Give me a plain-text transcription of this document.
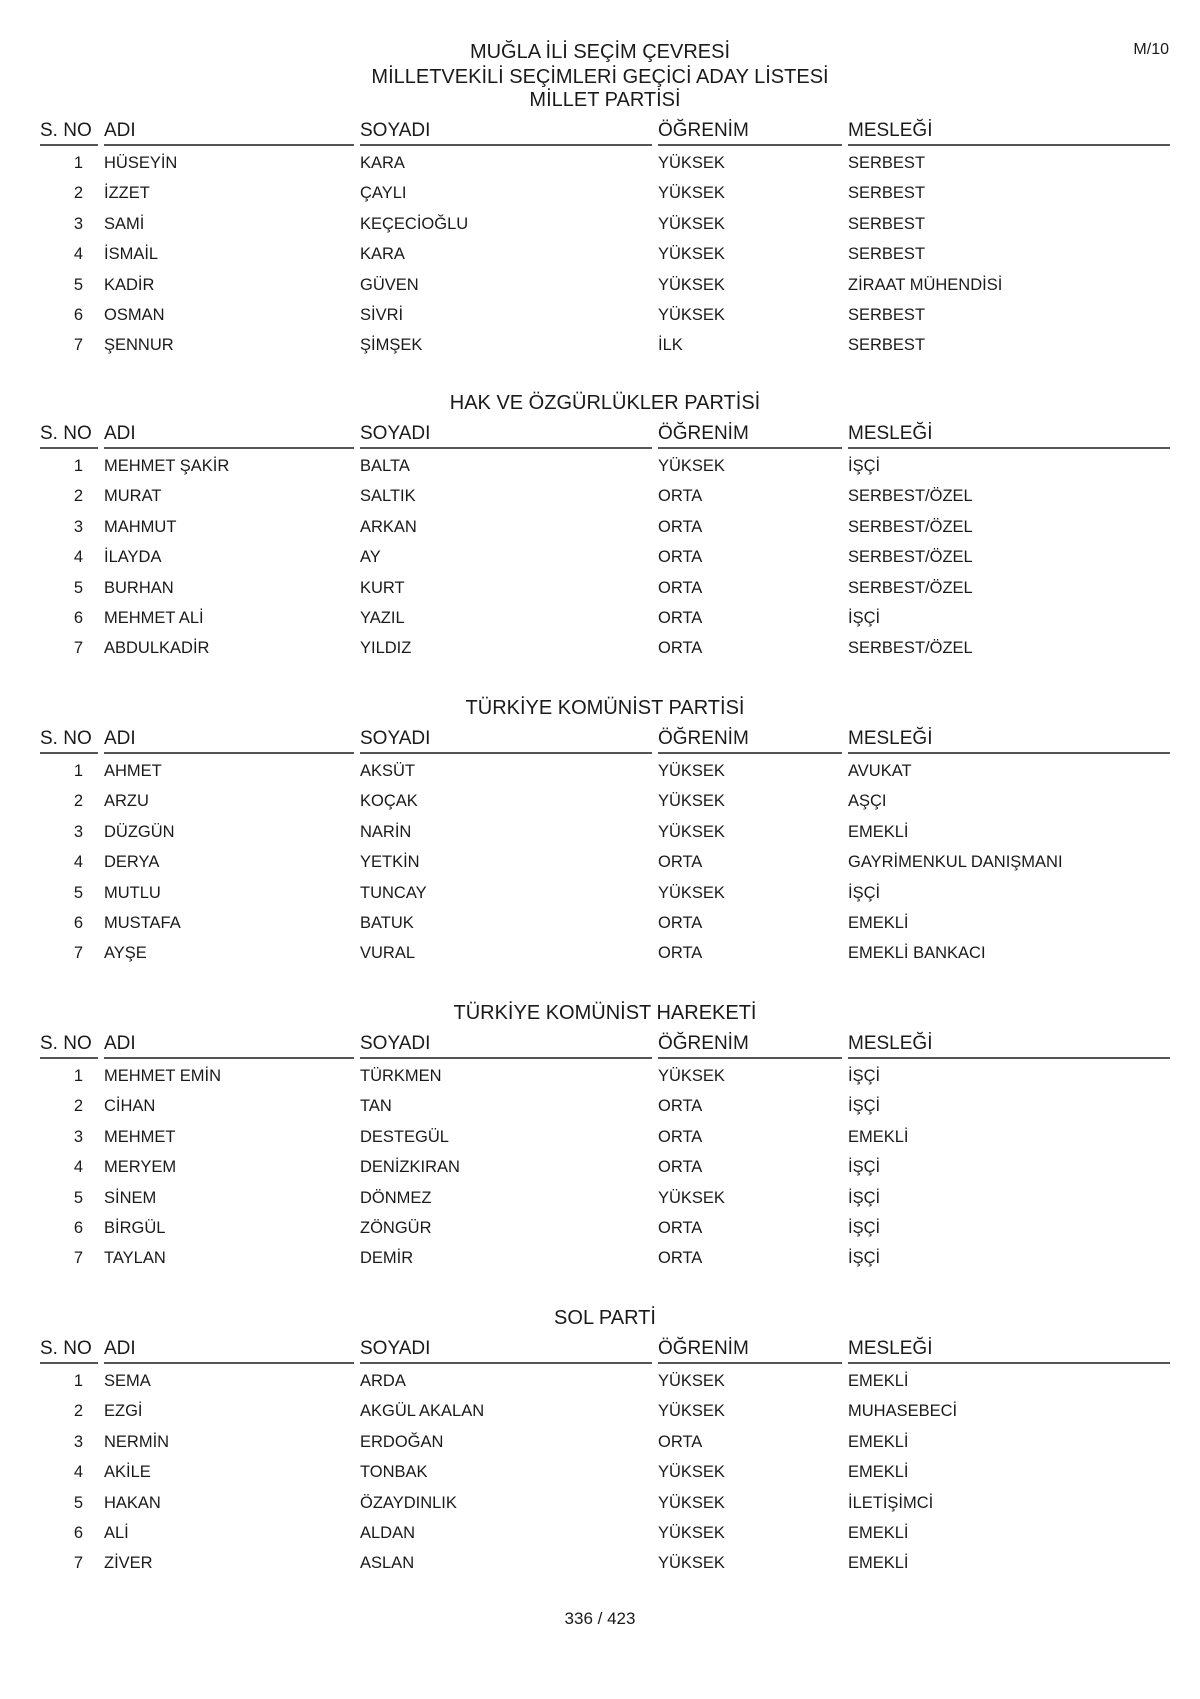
M/10
MUĞLA İLİ SEÇİM ÇEVRESİ
MİLLETVEKİLİ SEÇİMLERİ GEÇİCİ ADAY LİSTESİ
MİLLET PARTİSİ
S. NO ADI	SOYADI	ÖĞRENİM	MESLEĞİ
1	HÜSEYİN	KARA	YÜKSEK	SERBEST
2	İZZET	ÇAYLI	YÜKSEK	SERBEST
3	SAMİ	KEÇECİOĞLU	YÜKSEK	SERBEST
4	İSMAİL	KARA	YÜKSEK	SERBEST
5	KADİR	GÜVEN	YÜKSEK	ZİRAAT MÜHENDİSİ
6	OSMAN	SİVRİ	YÜKSEK	SERBEST
7	ŞENNUR	ŞİMŞEK	İLK	SERBEST
HAK VE ÖZGÜRLÜKLER PARTİSİ
S. NO ADI	SOYADI	ÖĞRENİM	MESLEĞİ
1	MEHMET ŞAKİR	BALTA	YÜKSEK	İŞÇİ
2	MURAT	SALTIK	ORTA	SERBEST/ÖZEL
3	MAHMUT	ARKAN	ORTA	SERBEST/ÖZEL
4	İLAYDA	AY	ORTA	SERBEST/ÖZEL
5	BURHAN	KURT	ORTA	SERBEST/ÖZEL
6	MEHMET ALİ	YAZIL	ORTA	İŞÇİ
7	ABDULKADİR	YILDIZ	ORTA	SERBEST/ÖZEL
TÜRKİYE KOMÜNİST PARTİSİ
S. NO ADI	SOYADI	ÖĞRENİM	MESLEĞİ
1	AHMET	AKSÜT	YÜKSEK	AVUKAT
2	ARZU	KOÇAK	YÜKSEK	AŞÇI
3	DÜZGÜN	NARİN	YÜKSEK	EMEKLİ
4	DERYA	YETKİN	ORTA	GAYRİMENKUL DANIŞMANI
5	MUTLU	TUNCAY	YÜKSEK	İŞÇİ
6	MUSTAFA	BATUK	ORTA	EMEKLİ
7	AYŞE	VURAL	ORTA	EMEKLİ BANKACI
TÜRKİYE KOMÜNİST HAREKETİ
S. NO ADI	SOYADI	ÖĞRENİM	MESLEĞİ
1	MEHMET EMİN	TÜRKMEN	YÜKSEK	İŞÇİ
2	CİHAN	TAN	ORTA	İŞÇİ
3	MEHMET	DESTEGÜL	ORTA	EMEKLİ
4	MERYEM	DENİZKIRAN	ORTA	İŞÇİ
5	SİNEM	DÖNMEZ	YÜKSEK	İŞÇİ
6	BİRGÜL	ZÖNGÜR	ORTA	İŞÇİ
7	TAYLAN	DEMİR	ORTA	İŞÇİ
SOL PARTİ
S. NO ADI	SOYADI	ÖĞRENİM	MESLEĞİ
1	SEMA	ARDA	YÜKSEK	EMEKLİ
2	EZGİ	AKGÜL AKALAN	YÜKSEK	MUHASEBECİ
3	NERMİN	ERDOĞAN	ORTA	EMEKLİ
4	AKİLE	TONBAK	YÜKSEK	EMEKLİ
5	HAKAN	ÖZAYDINLIK	YÜKSEK	İLETİŞİMCİ
6	ALİ	ALDAN	YÜKSEK	EMEKLİ
7	ZİVER	ASLAN	YÜKSEK	EMEKLİ
336 / 423
